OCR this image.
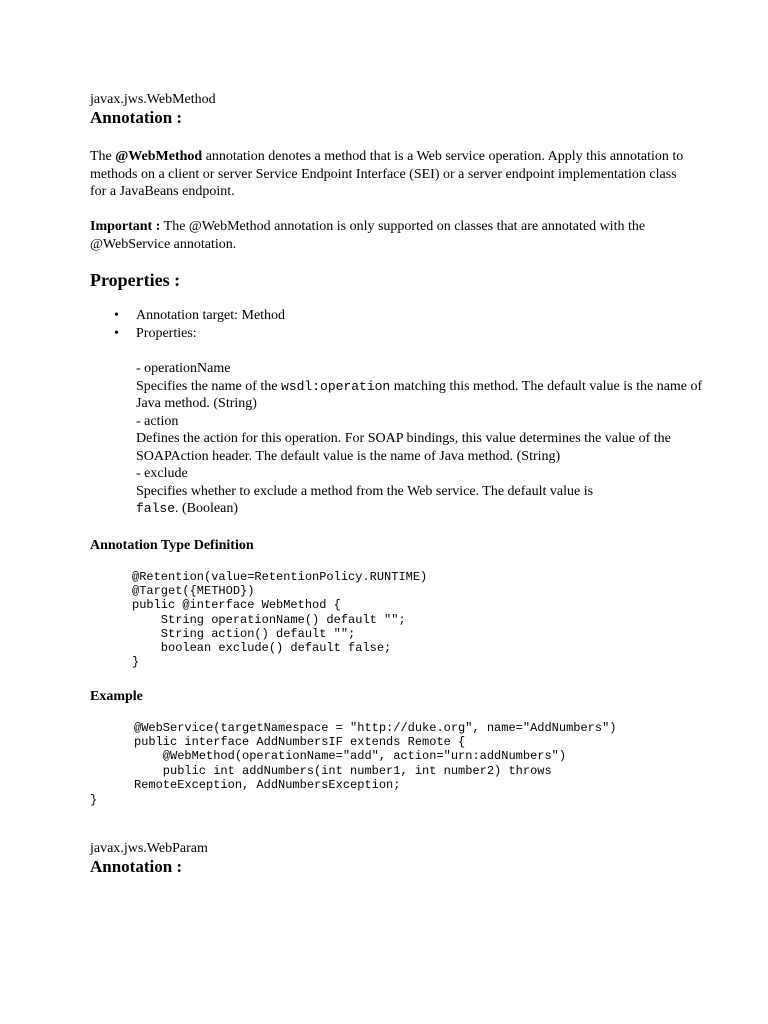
javax.jws.WebMethod
Annotation :
The @WebMethod annotation denotes a method that is a Web service operation. Apply this annotation to methods on a client or server Service Endpoint Interface (SEI) or a server endpoint implementation class for a JavaBeans endpoint.
Important : The @WebMethod annotation is only supported on classes that are annotated with the @WebService annotation.
Properties :
• Annotation target: Method
• Properties:
- operationName
Specifies the name of the wsdl:operation matching this method. The default value is the name of Java method. (String)
- action
Defines the action for this operation. For SOAP bindings, this value determines the value of the SOAPAction header. The default value is the name of Java method. (String)
- exclude
Specifies whether to exclude a method from the Web service. The default value is
false. (Boolean)
Annotation Type Definition
@Retention(value=RetentionPolicy.RUNTIME)
@Target({METHOD})
public @interface WebMethod {
String operationName() default "";
String action() default "";
boolean exclude() default false;
}
Example
@WebService(targetNamespace = "http://duke.org", name="AddNumbers")
public interface AddNumbersIF extends Remote {
@WebMethod(operationName="add", action="urn:addNumbers")
public int addNumbers(int number1, int number2) throws
RemoteException, AddNumbersException;
}
javax.jws.WebParam
Annotation :
